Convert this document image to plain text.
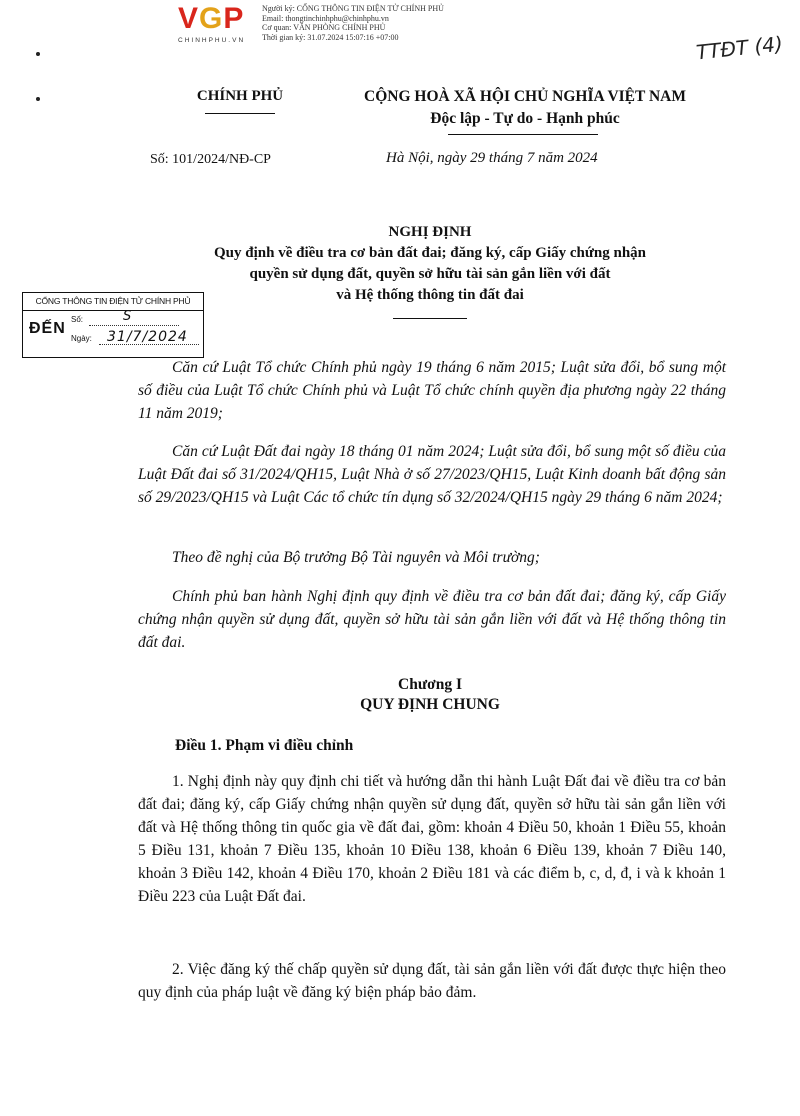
VGP
CHINHPHU.VN
Người ký: CỔNG THÔNG TIN ĐIỆN TỬ CHÍNH PHỦ
Email: thongtinchinhphu@chinhphu.vn
Cơ quan: VĂN PHÒNG CHÍNH PHỦ
Thời gian ký: 31.07.2024 15:07:16 +07:00	TTĐT (4)
CHÍNH PHỦ	CỘNG HOÀ XÃ HỘI CHỦ NGHĨA VIỆT NAM
Độc lập - Tự do - Hạnh phúc
Số: 101/2024/NĐ-CP	Hà Nội, ngày 29 tháng 7 năm 2024
NGHỊ ĐỊNH
Quy định về điều tra cơ bản đất đai; đăng ký, cấp Giấy chứng nhận
quyền sử dụng đất, quyền sở hữu tài sản gắn liền với đất
và Hệ thống thông tin đất đai
CỔNG THÔNG TIN ĐIỆN TỬ CHÍNH PHỦ
ĐẾN
Số:	S
Ngày: 31/7/2024

Căn cứ Luật Tổ chức Chính phủ ngày 19 tháng 6 năm 2015; Luật sửa đổi, bổ sung một số điều của Luật Tổ chức Chính phủ và Luật Tổ chức chính quyền địa phương ngày 22 tháng 11 năm 2019;

Căn cứ Luật Đất đai ngày 18 tháng 01 năm 2024; Luật sửa đổi, bổ sung một số điều của Luật Đất đai số 31/2024/QH15, Luật Nhà ở số 27/2023/QH15, Luật Kinh doanh bất động sản số 29/2023/QH15 và Luật Các tổ chức tín dụng số 32/2024/QH15 ngày 29 tháng 6 năm 2024;

Theo đề nghị của Bộ trưởng Bộ Tài nguyên và Môi trường;

Chính phủ ban hành Nghị định quy định về điều tra cơ bản đất đai; đăng ký, cấp Giấy chứng nhận quyền sử dụng đất, quyền sở hữu tài sản gắn liền với đất và Hệ thống thông tin đất đai.

Chương I
QUY ĐỊNH CHUNG
Điều 1. Phạm vi điều chỉnh

1. Nghị định này quy định chi tiết và hướng dẫn thi hành Luật Đất đai về điều tra cơ bản đất đai; đăng ký, cấp Giấy chứng nhận quyền sử dụng đất, quyền sở hữu tài sản gắn liền với đất và Hệ thống thông tin quốc gia về đất đai, gồm: khoản 4 Điều 50, khoản 1 Điều 55, khoản 5 Điều 131, khoản 7 Điều 135, khoản 10 Điều 138, khoản 6 Điều 139, khoản 7 Điều 140, khoản 3 Điều 142, khoản 4 Điều 170, khoản 2 Điều 181 và các điểm b, c, d, đ, i và k khoản 1 Điều 223 của Luật Đất đai.

2. Việc đăng ký thế chấp quyền sử dụng đất, tài sản gắn liền với đất được thực hiện theo quy định của pháp luật về đăng ký biện pháp bảo đảm.
